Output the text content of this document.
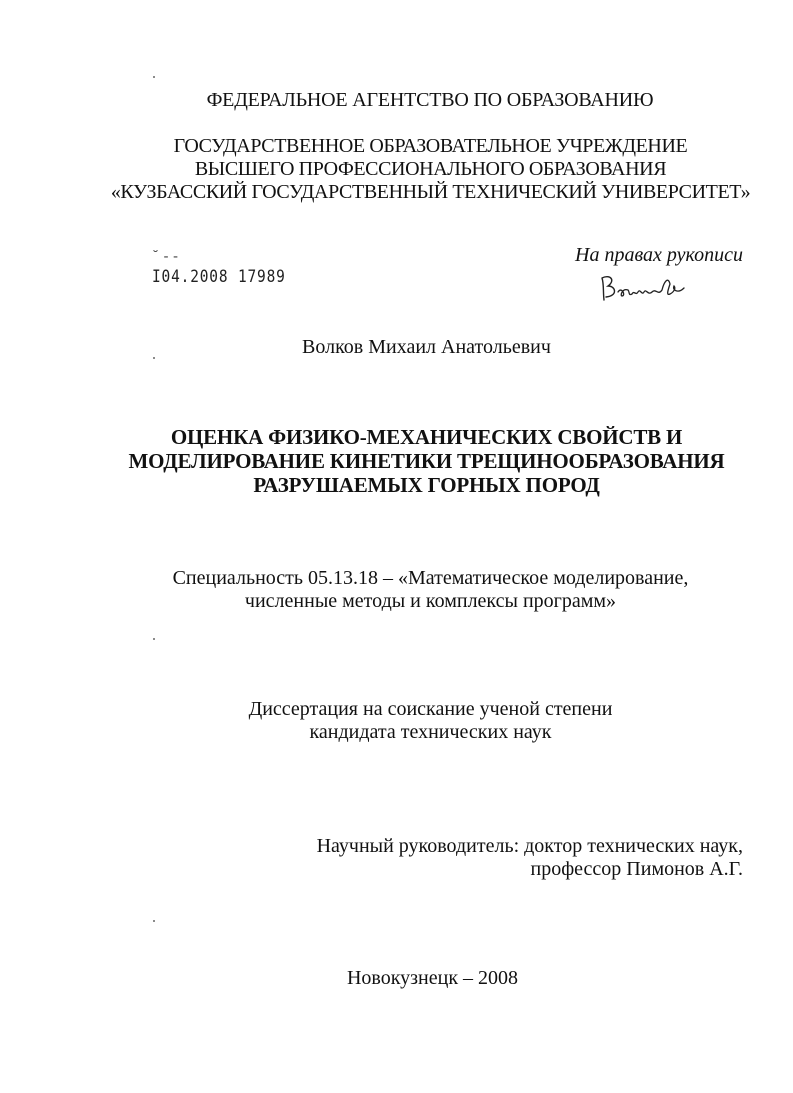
ФЕДЕРАЛЬНОЕ АГЕНТСТВО ПО ОБРАЗОВАНИЮ
ГОСУДАРСТВЕННОЕ ОБРАЗОВАТЕЛЬНОЕ УЧРЕЖДЕНИЕ
ВЫСШЕГО ПРОФЕССИОНАЛЬНОГО ОБРАЗОВАНИЯ
«КУЗБАССКИЙ ГОСУДАРСТВЕННЫЙ ТЕХНИЧЕСКИЙ УНИВЕРСИТЕТ»
˘ - -
I04.2008 17989
На правах рукописи
Волков Михаил Анатольевич
ОЦЕНКА ФИЗИКО-МЕХАНИЧЕСКИХ СВОЙСТВ И
МОДЕЛИРОВАНИЕ КИНЕТИКИ ТРЕЩИНООБРАЗОВАНИЯ
РАЗРУШАЕМЫХ ГОРНЫХ ПОРОД
Специальность 05.13.18 – «Математическое моделирование,
численные методы и комплексы программ»
Диссертация на соискание ученой степени
кандидата технических наук
Научный руководитель: доктор технических наук,
профессор Пимонов А.Г.
Новокузнецк – 2008
